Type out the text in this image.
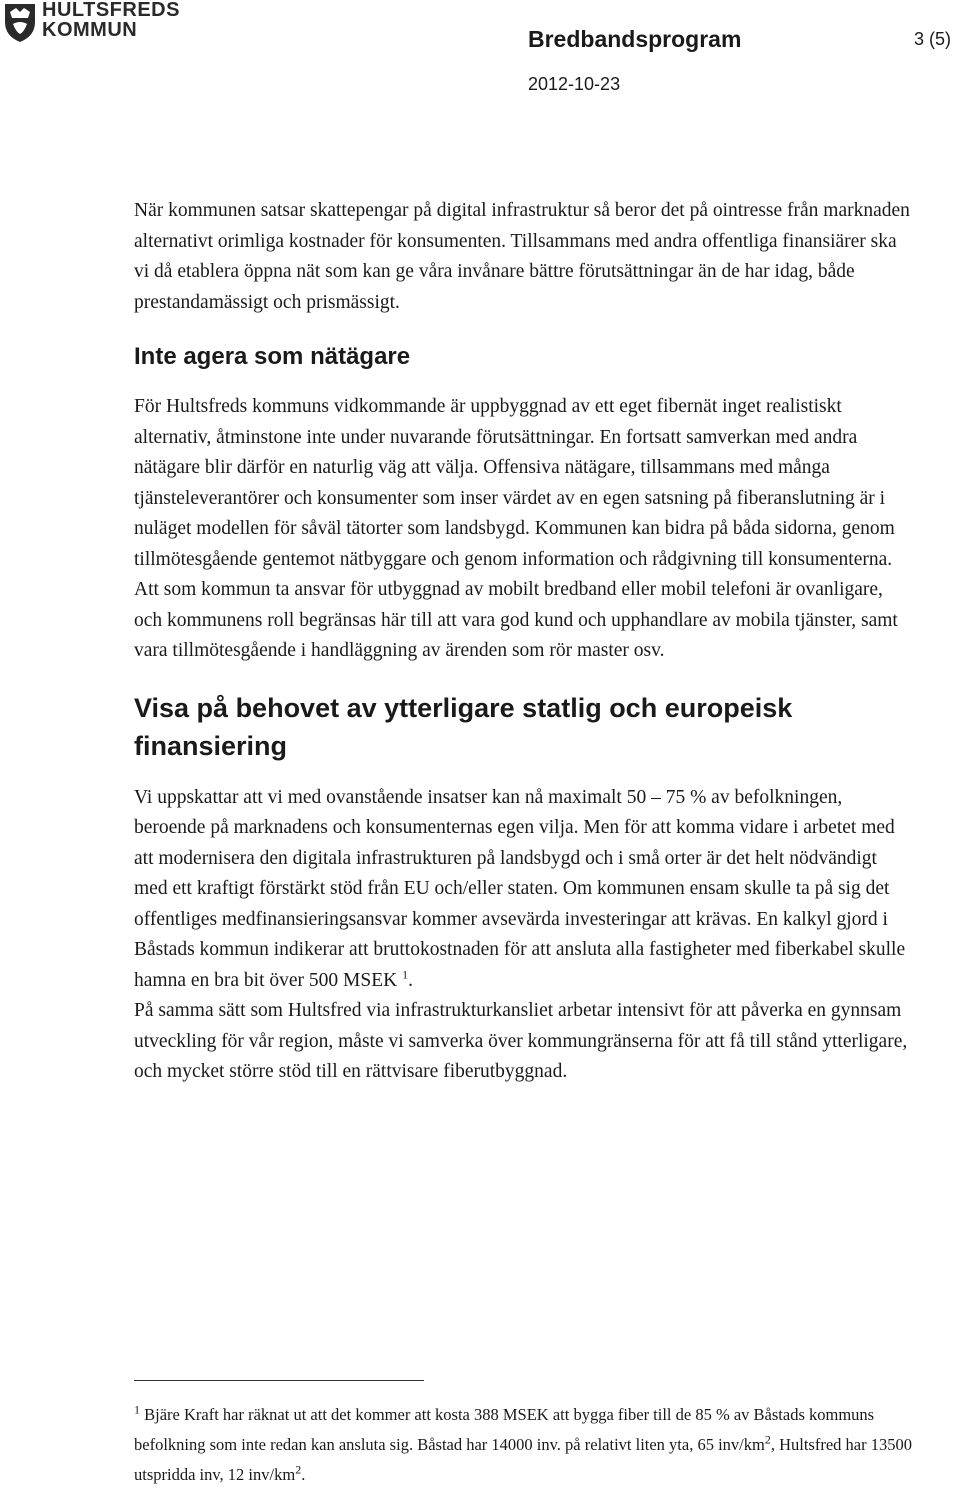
HULTSFREDS
KOMMUN	Bredbandsprogram	3 (5)
2012-10-23

När kommunen satsar skattepengar på digital infrastruktur så beror det på ointresse från marknaden alternativt orimliga kostnader för konsumenten. Tillsammans med andra offentliga finansiärer ska vi då etablera öppna nät som kan ge våra invånare bättre förutsättningar än de har idag, både prestandamässigt och prismässigt.

Inte agera som nätägare

För Hultsfreds kommuns vidkommande är uppbyggnad av ett eget fibernät inget realistiskt alternativ, åtminstone inte under nuvarande förutsättningar. En fortsatt samverkan med andra nätägare blir därför en naturlig väg att välja. Offensiva nätägare, tillsammans med många tjänsteleverantörer och konsumenter som inser värdet av en egen satsning på fiberanslutning är i nuläget modellen för såväl tätorter som landsbygd. Kommunen kan bidra på båda sidorna, genom tillmötesgående gentemot nätbyggare och genom information och rådgivning till konsumenterna.

Att som kommun ta ansvar för utbyggnad av mobilt bredband eller mobil telefoni är ovanligare, och kommunens roll begränsas här till att vara god kund och upphandlare av mobila tjänster, samt vara tillmötesgående i handläggning av ärenden som rör master osv.

Visa på behovet av ytterligare statlig och europeisk finansiering

Vi uppskattar att vi med ovanstående insatser kan nå maximalt 50 – 75 % av befolkningen, beroende på marknadens och konsumenternas egen vilja. Men för att komma vidare i arbetet med att modernisera den digitala infrastrukturen på landsbygd och i små orter är det helt nödvändigt med ett kraftigt förstärkt stöd från EU och/eller staten. Om kommunen ensam skulle ta på sig det offentliges medfinansieringsansvar kommer avsevärda investeringar att krävas. En kalkyl gjord i Båstads kommun indikerar att bruttokostnaden för att ansluta alla fastigheter med fiberkabel skulle hamna en bra bit över 500 MSEK $^1$.

På samma sätt som Hultsfred via infrastrukturkansliet arbetar intensivt för att påverka en gynnsam utveckling för vår region, måste vi samverka över kommungränserna för att få till stånd ytterligare, och mycket större stöd till en rättvisare fiberutbyggnad.

$^1$ Bjäre Kraft har räknat ut att det kommer att kosta 388 MSEK att bygga fiber till de 85 % av Båstads kommuns befolkning som inte redan kan ansluta sig. Båstad har 14000 inv. på relativt liten yta, 65 inv/$km^2$, Hultsfred har 13500 utspridda inv, 12 inv/$km^2$.
